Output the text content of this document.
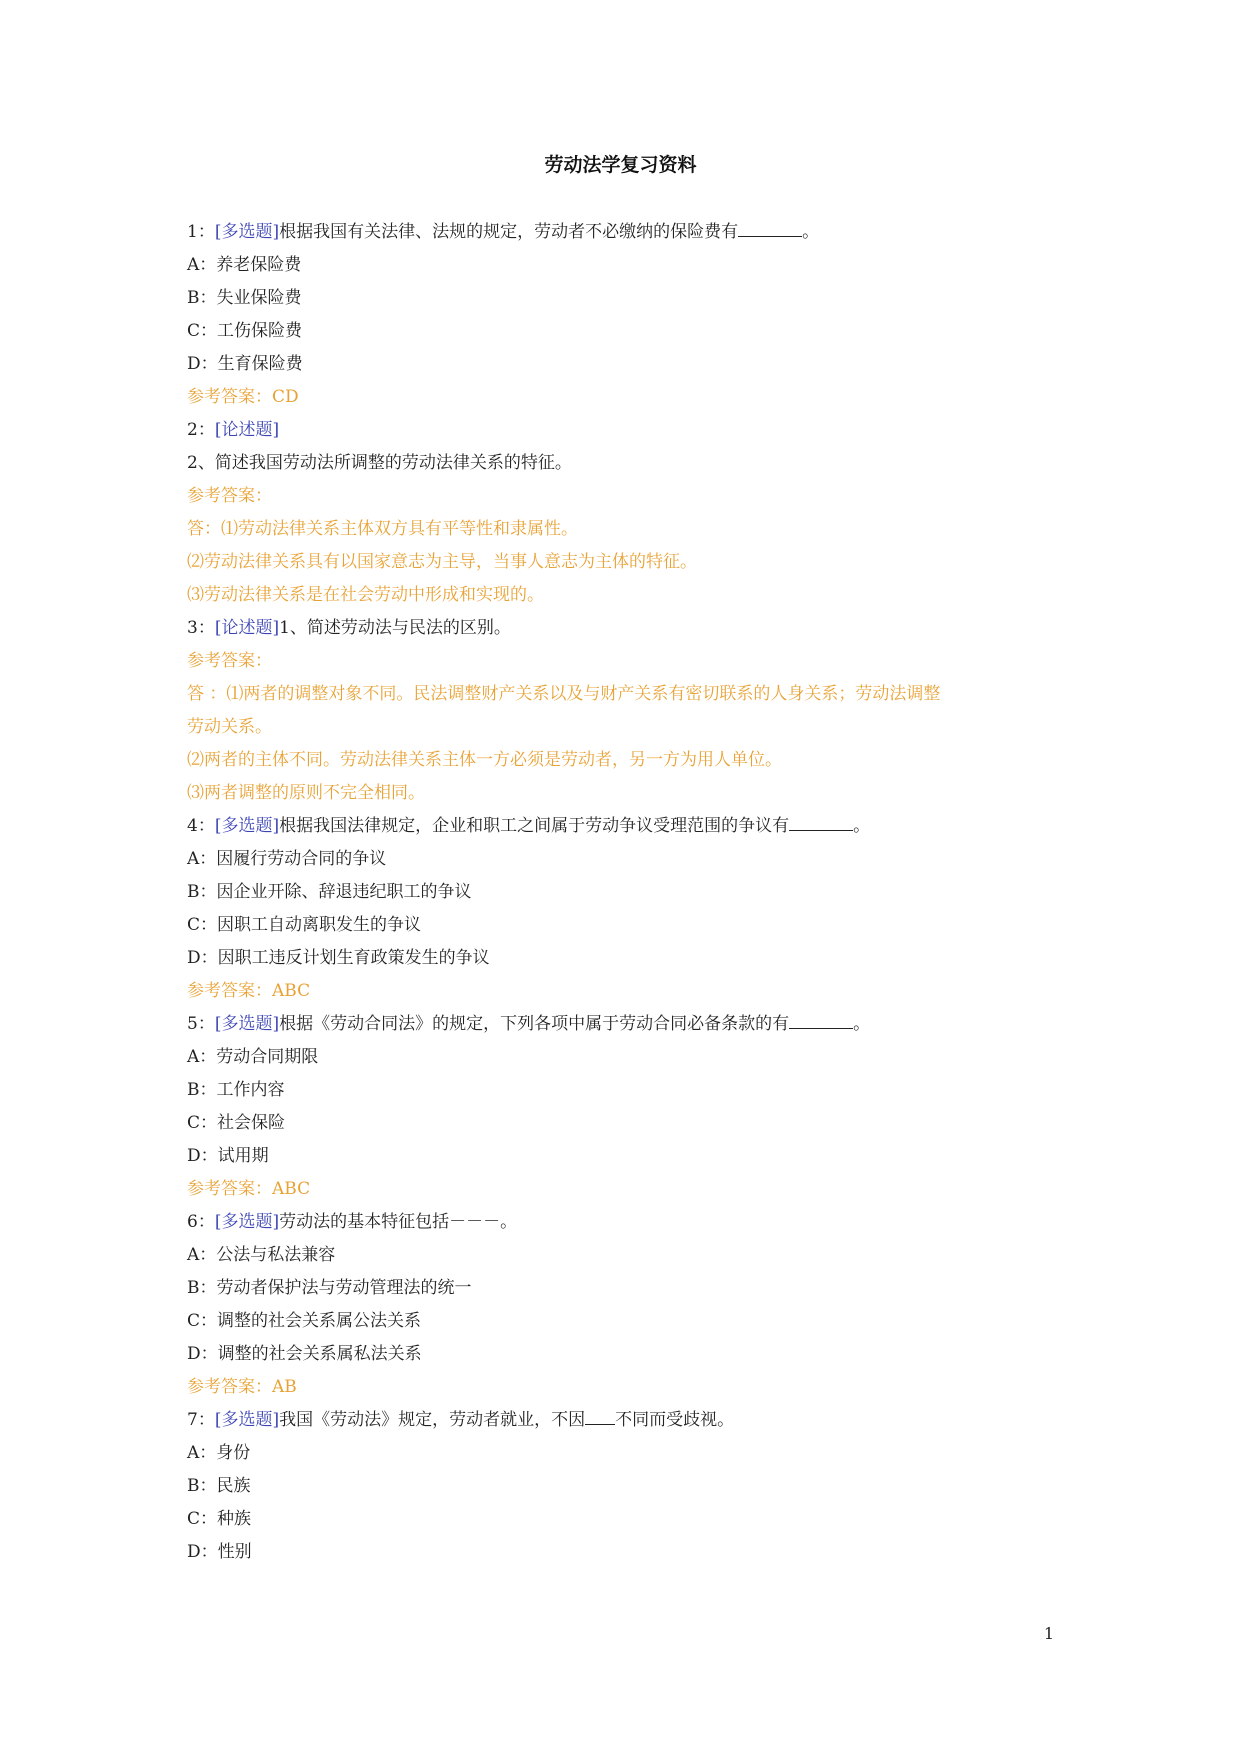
劳动法学复习资料
1：[多选题]根据我国有关法律、法规的规定，劳动者不必缴纳的保险费有	。
A：养老保险费
B：失业保险费
C：工伤保险费
D：生育保险费
参考答案：CD
2：[论述题]
2、简述我国劳动法所调整的劳动法律关系的特征。
参考答案：
答：⑴劳动法律关系主体双方具有平等性和隶属性。
⑵劳动法律关系具有以国家意志为主导，当事人意志为主体的特征。
⑶劳动法律关系是在社会劳动中形成和实现的。
3：[论述题]1、简述劳动法与民法的区别。
参考答案：
答 ：⑴两者的调整对象不同。民法调整财产关系以及与财产关系有密切联系的人身关系；劳动法调整劳动关系。
⑵两者的主体不同。劳动法律关系主体一方必须是劳动者，另一方为用人单位。
⑶两者调整的原则不完全相同。
4：[多选题]根据我国法律规定，企业和职工之间属于劳动争议受理范围的争议有	。
A：因履行劳动合同的争议
B：因企业开除、辞退违纪职工的争议
C：因职工自动离职发生的争议
D：因职工违反计划生育政策发生的争议
参考答案：ABC
5：[多选题]根据《劳动合同法》的规定，下列各项中属于劳动合同必备条款的有	。
A：劳动合同期限
B：工作内容
C：社会保险
D：试用期
参考答案：ABC
6：[多选题]劳动法的基本特征包括－－－。
A：公法与私法兼容
B：劳动者保护法与劳动管理法的统一
C：调整的社会关系属公法关系
D：调整的社会关系属私法关系
参考答案：AB
7：[多选题]我国《劳动法》规定，劳动者就业，不因 不同而受歧视。
A：身份
B：民族
C：种族
D：性别
1
